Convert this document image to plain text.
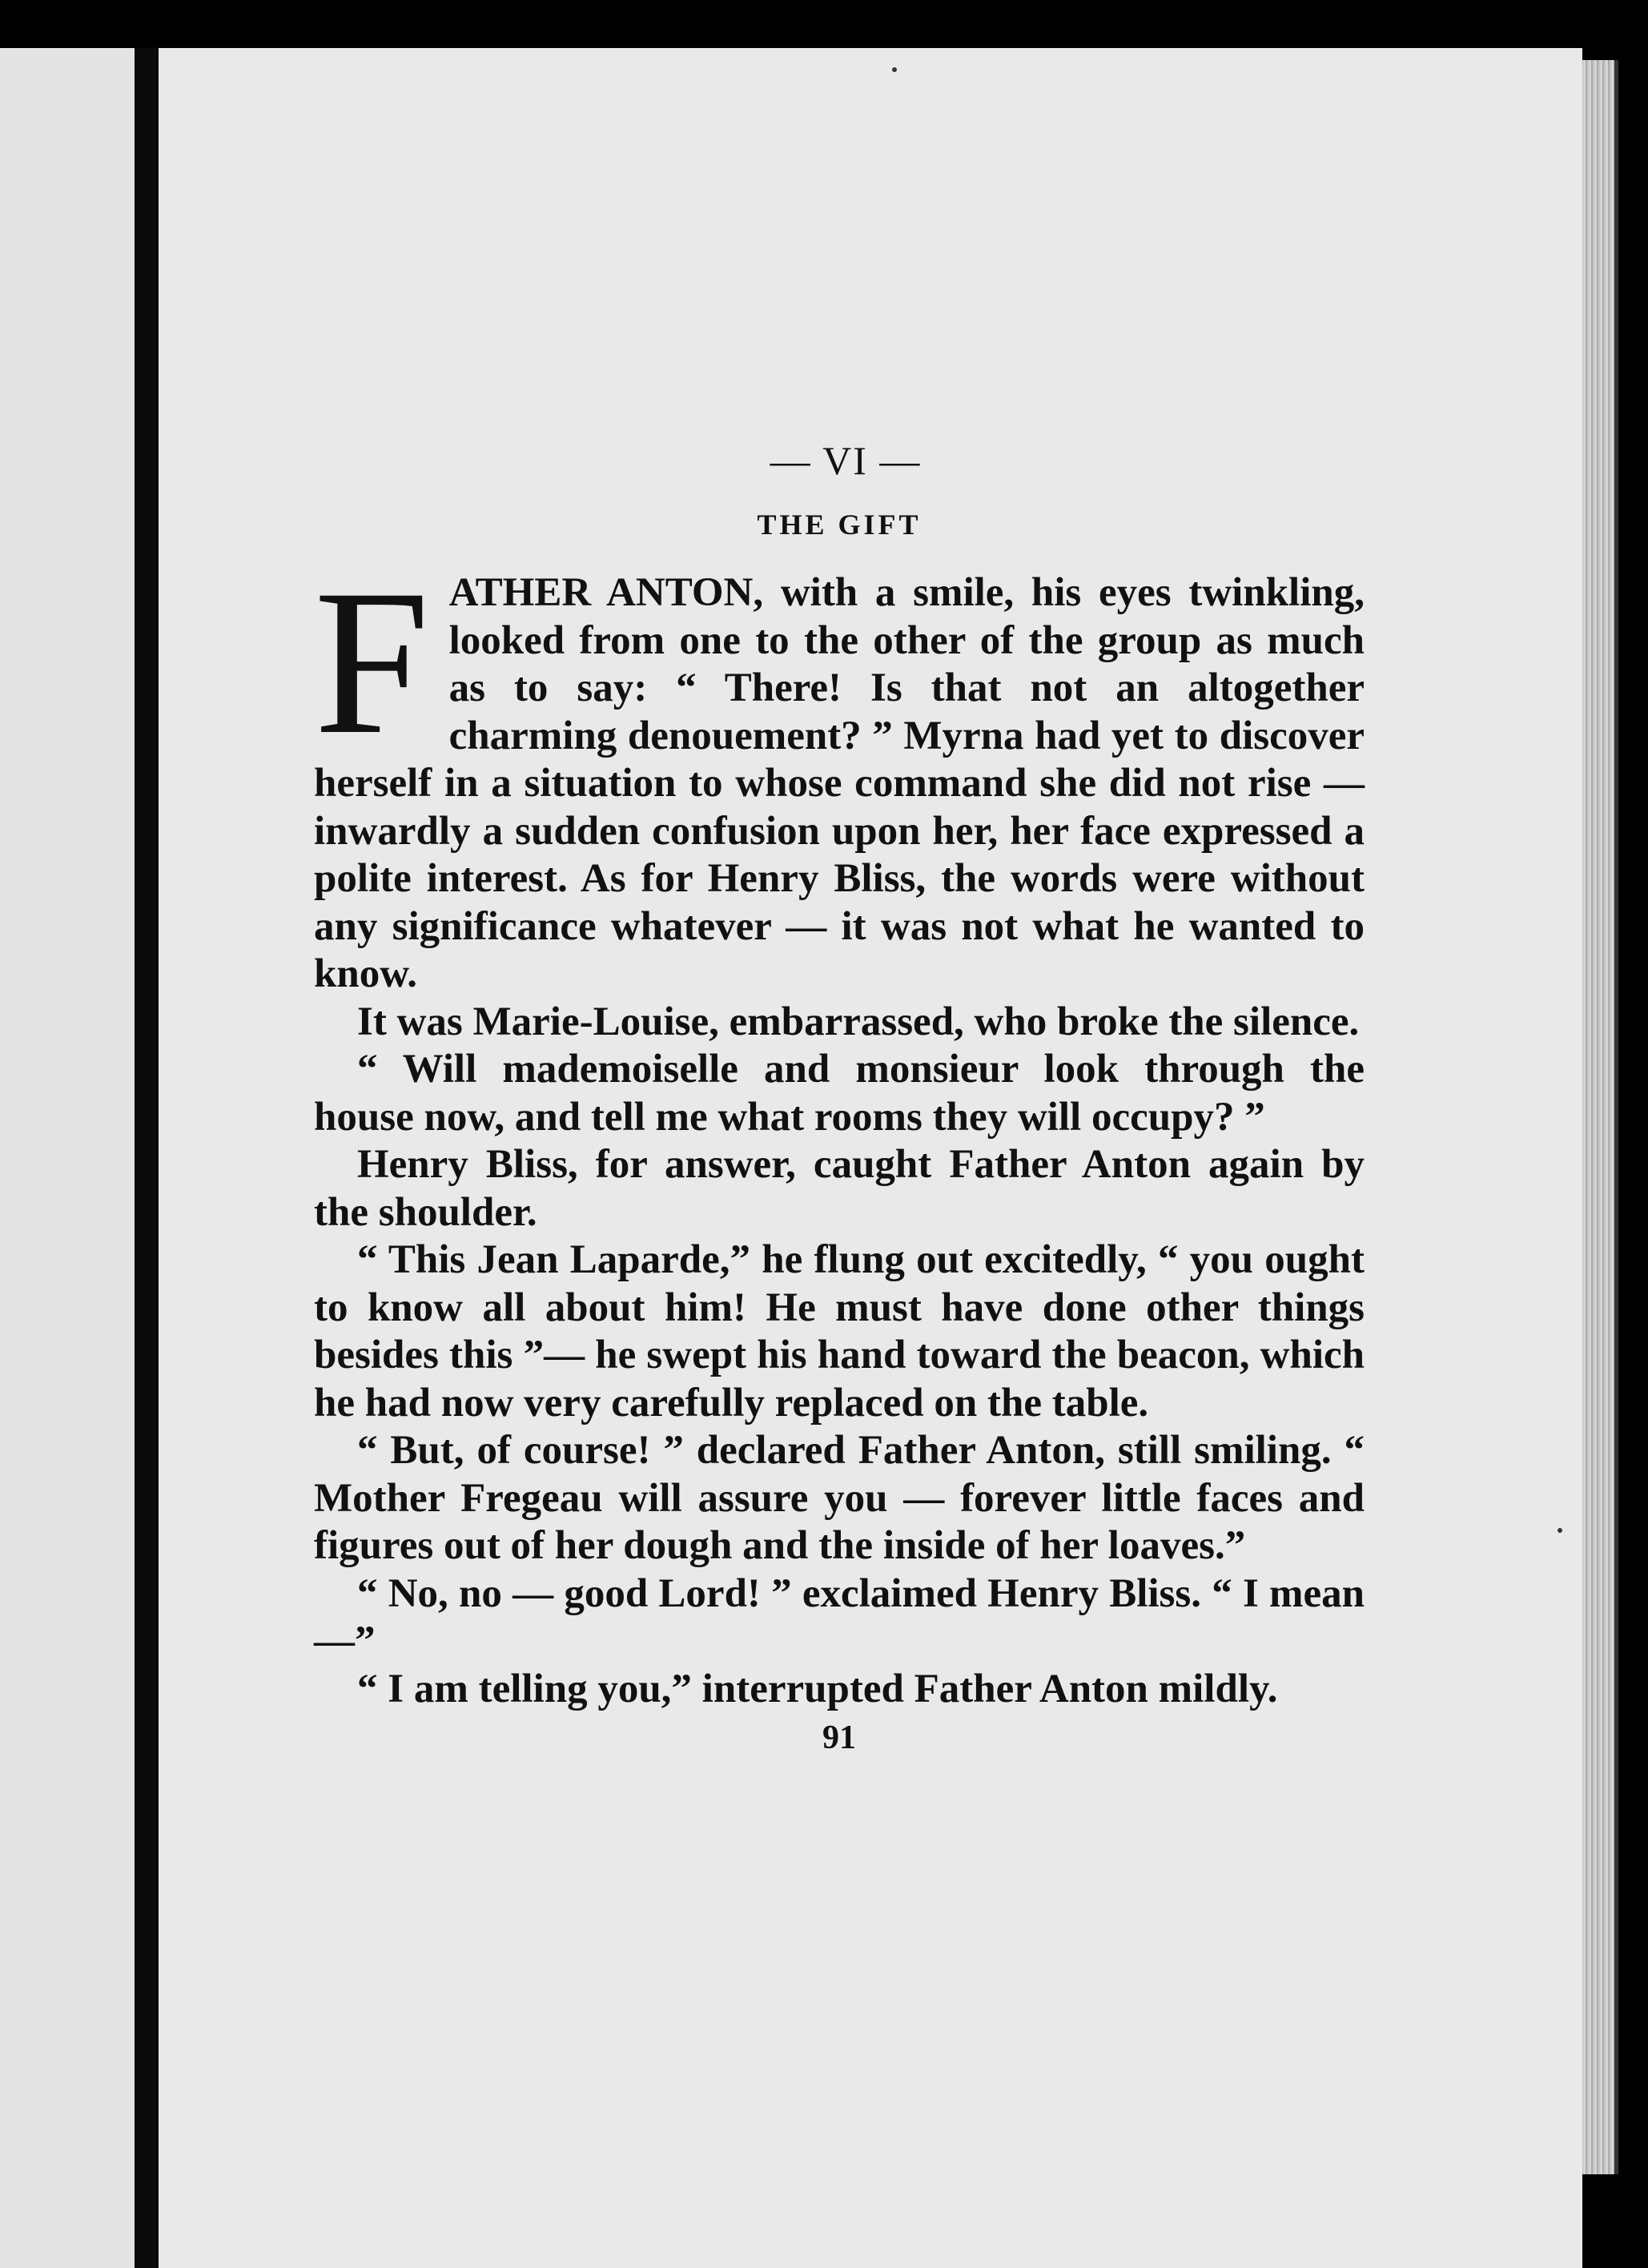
— VI —
THE GIFT

F ATHER ANTON, with a smile, his eyes twinkling, looked from one to the other of the group as much as to say: “ There! Is that not an altogether charming denouement? ” Myrna had yet to discover herself in a situation to whose command she did not rise — inwardly a sudden confusion upon her, her face expressed a polite interest. As for Henry Bliss, the words were without any significance whatever — it was not what he wanted to know.

It was Marie-Louise, embarrassed, who broke the silence.

“ Will mademoiselle and monsieur look through the house now, and tell me what rooms they will occupy? ”

Henry Bliss, for answer, caught Father Anton again by the shoulder.

“ This Jean Laparde,” he flung out excitedly, “ you ought to know all about him! He must have done other things besides this ”— he swept his hand toward the beacon, which he had now very carefully replaced on the table.

“ But, of course! ” declared Father Anton, still smiling. “ Mother Fregeau will assure you — forever little faces and figures out of her dough and the inside of her loaves.”

“ No, no — good Lord! ” exclaimed Henry Bliss. “ I mean —”

“ I am telling you,” interrupted Father Anton mildly.

91
